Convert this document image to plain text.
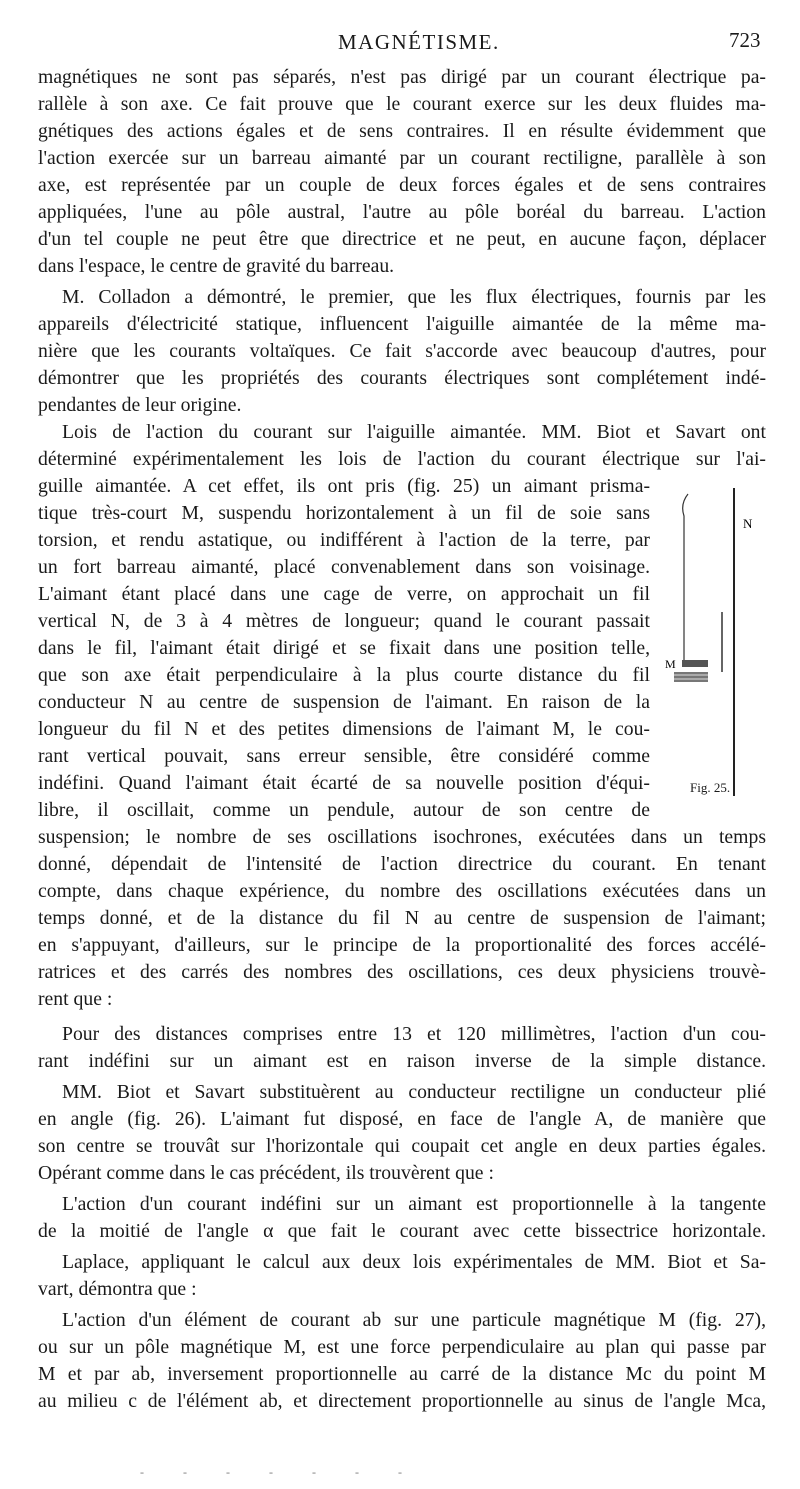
MAGNÉTISME.	723
magnétiques ne sont pas séparés, n'est pas dirigé par un courant électrique pa-
rallèle à son axe. Ce fait prouve que le courant exerce sur les deux fluides ma-
gnétiques des actions égales et de sens contraires. Il en résulte évidemment que
l'action exercée sur un barreau aimanté par un courant rectiligne, parallèle à son
axe, est représentée par un couple de deux forces égales et de sens contraires
appliquées, l'une au pôle austral, l'autre au pôle boréal du barreau. L'action
d'un tel couple ne peut être que directrice et ne peut, en aucune façon, déplacer
dans l'espace, le centre de gravité du barreau.
M. Colladon a démontré, le premier, que les flux électriques, fournis par les
appareils d'électricité statique, influencent l'aiguille aimantée de la même ma-
nière que les courants voltaïques. Ce fait s'accorde avec beaucoup d'autres, pour
démontrer que les propriétés des courants électriques sont complétement indé-
pendantes de leur origine.
Lois de l'action du courant sur l'aiguille aimantée. MM. Biot et Savart ont
déterminé expérimentalement les lois de l'action du courant électrique sur l'ai-
guille aimantée. A cet effet, ils ont pris (fig. 25) un aimant prisma-
tique très-court M, suspendu horizontalement à un fil de soie sans
torsion, et rendu astatique, ou indifférent à l'action de la terre, par
un fort barreau aimanté, placé convenablement dans son voisinage.
L'aimant étant placé dans une cage de verre, on approchait un fil
vertical N, de 3 à 4 mètres de longueur; quand le courant passait
dans le fil, l'aimant était dirigé et se fixait dans une position telle,
que son axe était perpendiculaire à la plus courte distance du fil
conducteur N au centre de suspension de l'aimant. En raison de la
longueur du fil N et des petites dimensions de l'aimant M, le cou-
rant vertical pouvait, sans erreur sensible, être considéré comme
indéfini. Quand l'aimant était écarté de sa nouvelle position d'équi-
libre, il oscillait, comme un pendule, autour de son centre de
suspension; le nombre de ses oscillations isochrones, exécutées dans un temps
donné, dépendait de l'intensité de l'action directrice du courant. En tenant
compte, dans chaque expérience, du nombre des oscillations exécutées dans un
temps donné, et de la distance du fil N au centre de suspension de l'aimant;
en s'appuyant, d'ailleurs, sur le principe de la proportionalité des forces accélé-
ratrices et des carrés des nombres des oscillations, ces deux physiciens trouvè-
rent que :
Pour des distances comprises entre 13 et 120 millimètres, l'action d'un cou-
rant indéfini sur un aimant est en raison inverse de la simple distance.
MM. Biot et Savart substituèrent au conducteur rectiligne un conducteur plié
en angle (fig. 26). L'aimant fut disposé, en face de l'angle A, de manière que
son centre se trouvât sur l'horizontale qui coupait cet angle en deux parties égales.
Opérant comme dans le cas précédent, ils trouvèrent que :
L'action d'un courant indéfini sur un aimant est proportionnelle à la tangente
de la moitié de l'angle α que fait le courant avec cette bissectrice horizontale.
Laplace, appliquant le calcul aux deux lois expérimentales de MM. Biot et Sa-
vart, démontra que :
L'action d'un élément de courant ab sur une particule magnétique M (fig. 27),
ou sur un pôle magnétique M, est une force perpendiculaire au plan qui passe par
M et par ab, inversement proportionnelle au carré de la distance Mc du point M
au milieu c de l'élément ab, et directement proportionnelle au sinus de l'angle Mca,
N
M
Fig. 25.
- - - - - - -
